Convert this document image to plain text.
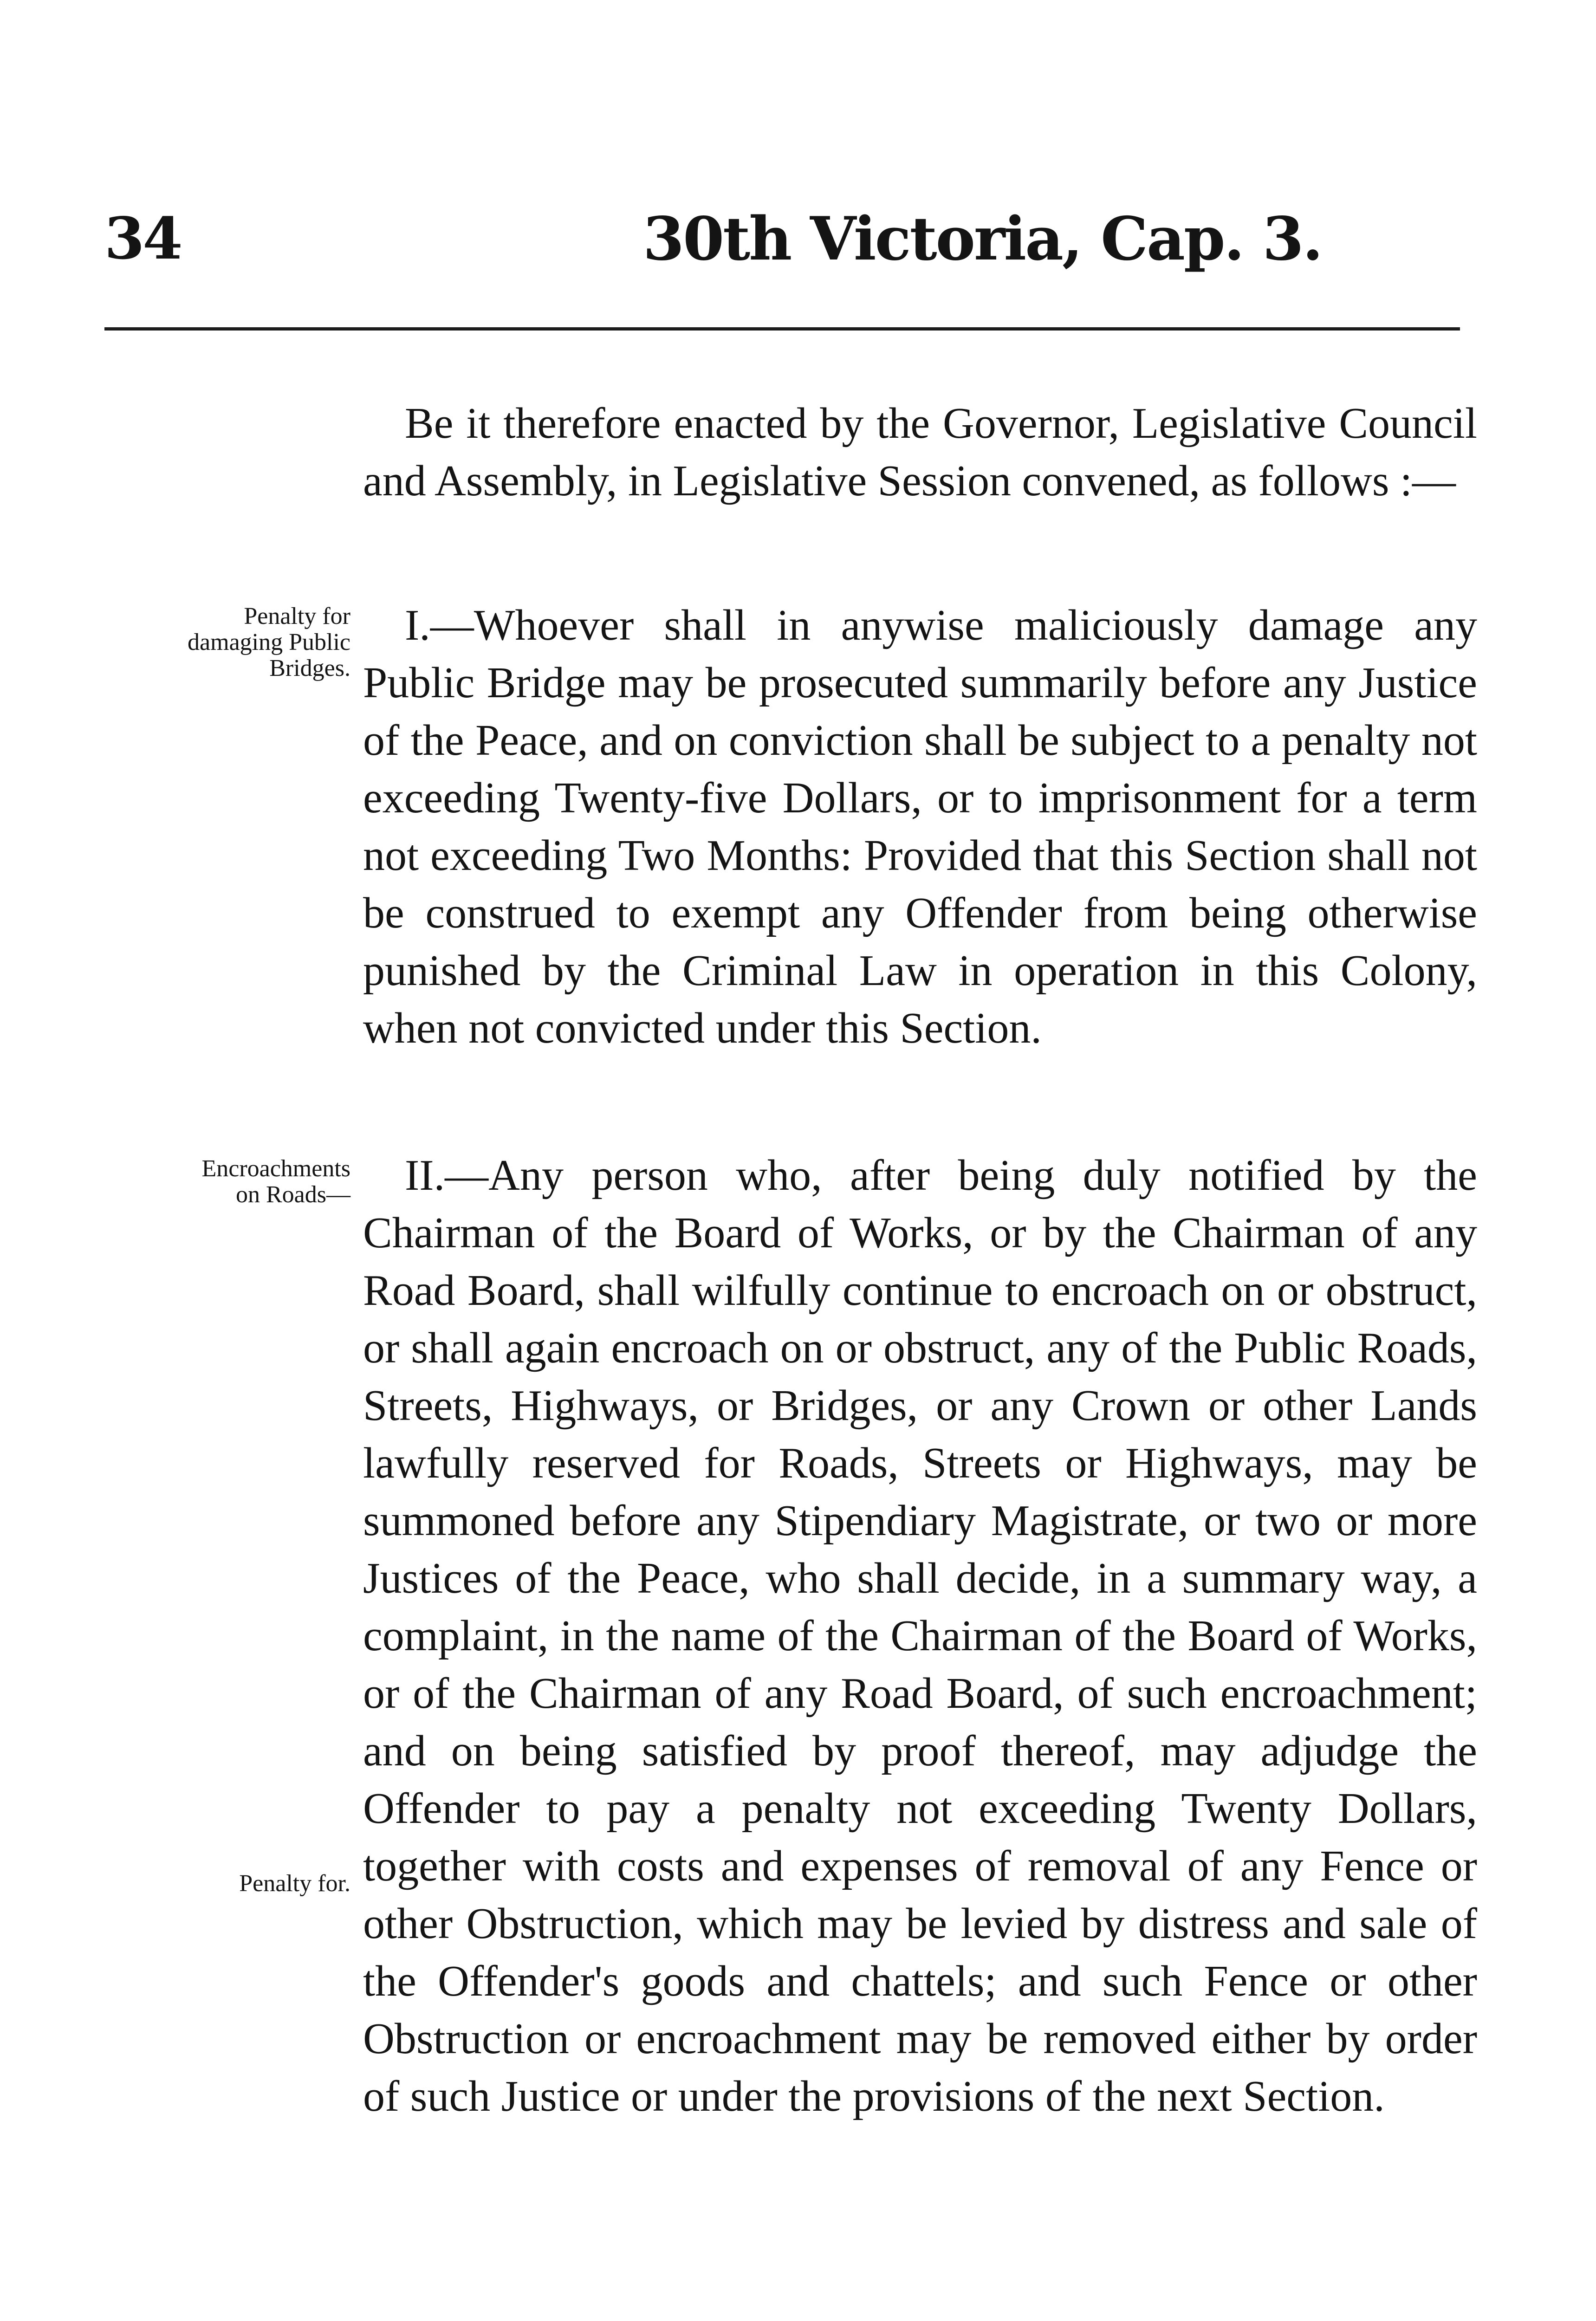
34	30th Victoria, Cap. 3.

Be it therefore enacted by the Governor, Legislative Council and Assembly, in Legislative Session convened, as follows :—

I.—Whoever shall in anywise maliciously damage any Public Bridge may be prosecuted summarily before any Justice of the Peace, and on conviction shall be subject to a penalty not exceeding Twenty-five Dollars, or to imprisonment for a term not exceeding Two Months: Provided that this Section shall not be construed to exempt any Offender from being otherwise punished by the Criminal Law in operation in this Colony, when not convicted under this Section.

II.—Any person who, after being duly notified by the Chairman of the Board of Works, or by the Chairman of any Road Board, shall wilfully continue to encroach on or obstruct, or shall again encroach on or obstruct, any of the Public Roads, Streets, Highways, or Bridges, or any Crown or other Lands lawfully reserved for Roads, Streets or Highways, may be summoned before any Stipendiary Magistrate, or two or more Justices of the Peace, who shall decide, in a summary way, a complaint, in the name of the Chairman of the Board of Works, or of the Chairman of any Road Board, of such encroachment; and on being satisfied by proof thereof, may adjudge the Offender to pay a penalty not exceeding Twenty Dollars, together with costs and expenses of removal of any Fence or other Obstruction, which may be levied by distress and sale of the Offender's goods and chattels; and such Fence or other Obstruction or encroachment may be removed either by order of such Justice or under the provisions of the next Section.

Penalty for
damaging Public
Bridges.
Encroachments
on Roads—
Penalty for.
